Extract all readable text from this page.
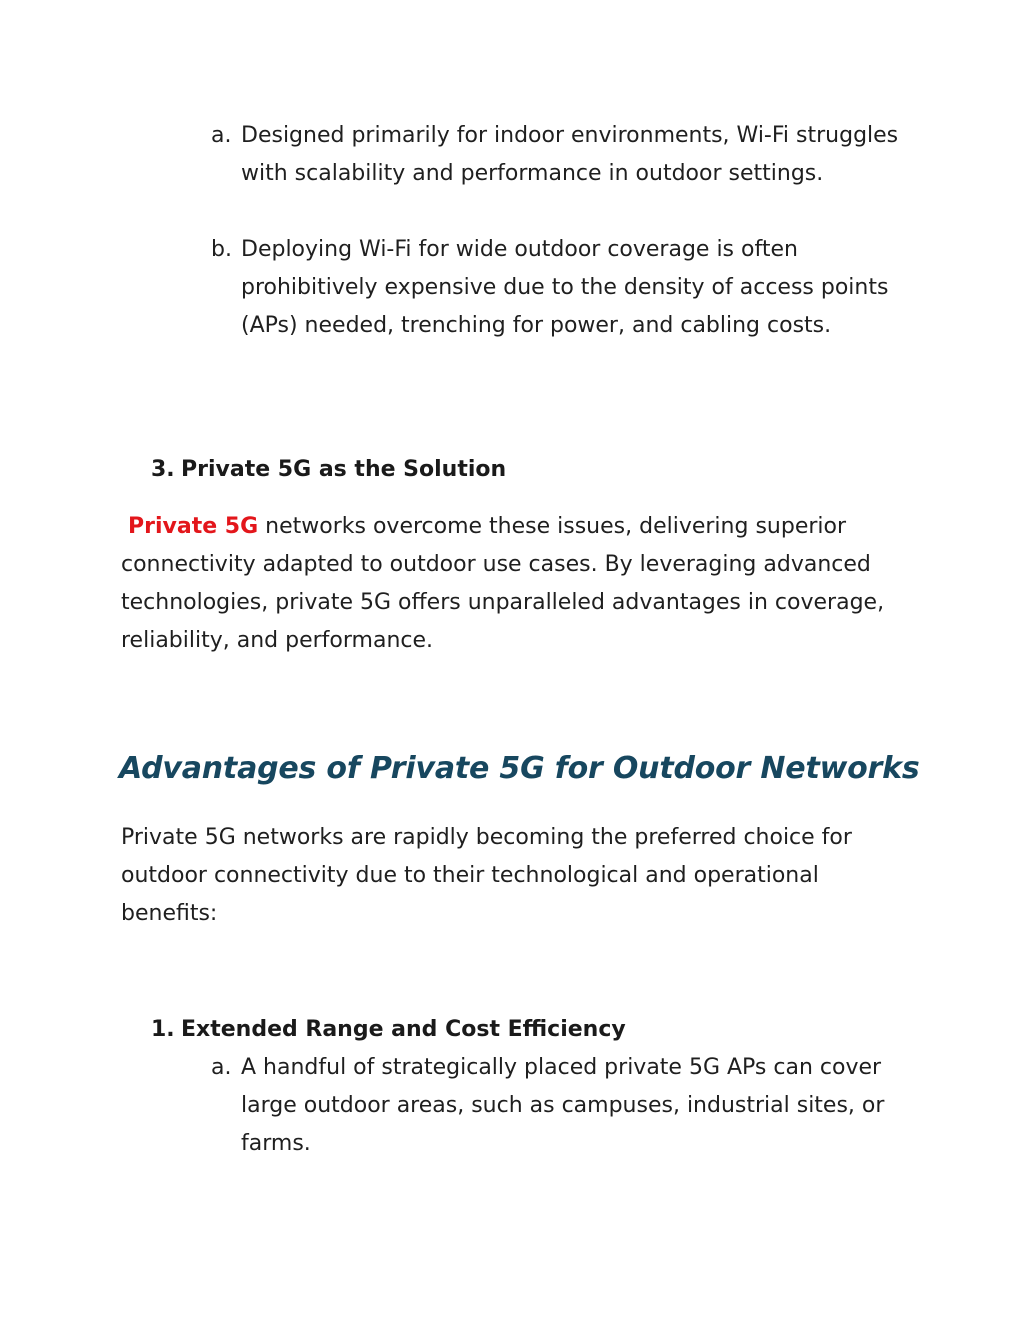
a. Designed primarily for indoor environments, Wi-Fi struggles with scalability and performance in outdoor settings.
b. Deploying Wi-Fi for wide outdoor coverage is often prohibitively expensive due to the density of access points (APs) needed, trenching for power, and cabling costs.
3. Private 5G as the Solution
Private 5G networks overcome these issues, delivering superior connectivity adapted to outdoor use cases. By leveraging advanced technologies, private 5G offers unparalleled advantages in coverage, reliability, and performance.
Advantages of Private 5G for Outdoor Networks
Private 5G networks are rapidly becoming the preferred choice for outdoor connectivity due to their technological and operational benefits:
1. Extended Range and Cost Efficiency
a. A handful of strategically placed private 5G APs can cover large outdoor areas, such as campuses, industrial sites, or farms.
